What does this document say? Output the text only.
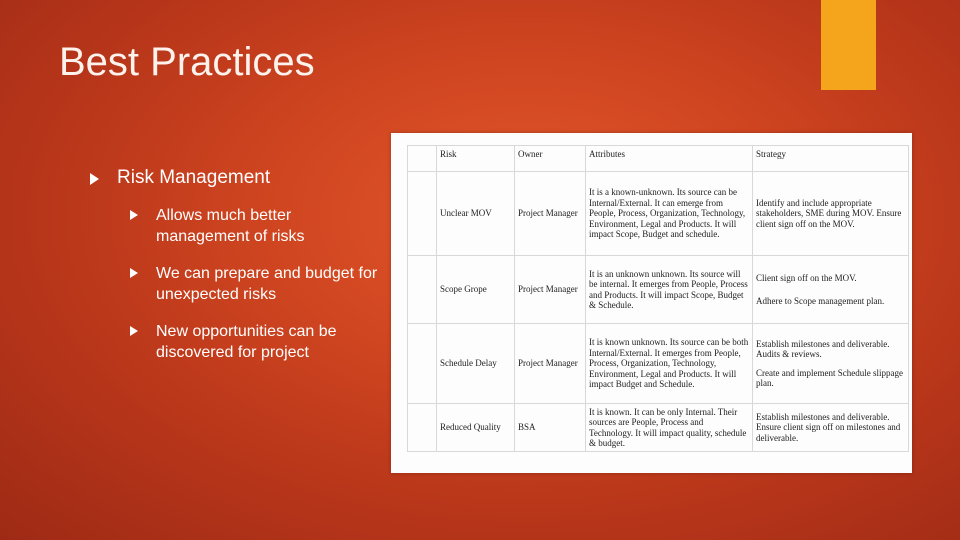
Best Practices
Risk Management
Allows much better management of risks
We can prepare and budget for unexpected risks
New opportunities can be discovered for project
	Risk	Owner	Attributes	Strategy
	Unclear MOV	Project Manager	It is a known-unknown. Its source can be Internal/External. It can emerge from People, Process, Organization, Technology, Environment, Legal and Products. It will impact Scope, Budget and schedule.	Identify and include appropriate stakeholders, SME during MOV. Ensure client sign off on the MOV.

	Scope Grope	Project Manager	It is an unknown unknown. Its source will be internal. It emerges from People, Process and Products. It will impact Scope, Budget & Schedule.	Client sign off on the MOV.
Adhere to Scope management plan.

	Schedule Delay	Project Manager	It is known unknown. Its source can be both Internal/External. It emerges from People, Process, Organization, Technology, Environment, Legal and Products. It will impact Budget and Schedule.	Establish milestones and deliverable. Audits & reviews.
Create and implement Schedule slippage plan.

	Reduced Quality	BSA	It is known. It can be only Internal. Their sources are People, Process and Technology. It will impact quality, schedule & budget.	Establish milestones and deliverable. Ensure client sign off on milestones and deliverable.
